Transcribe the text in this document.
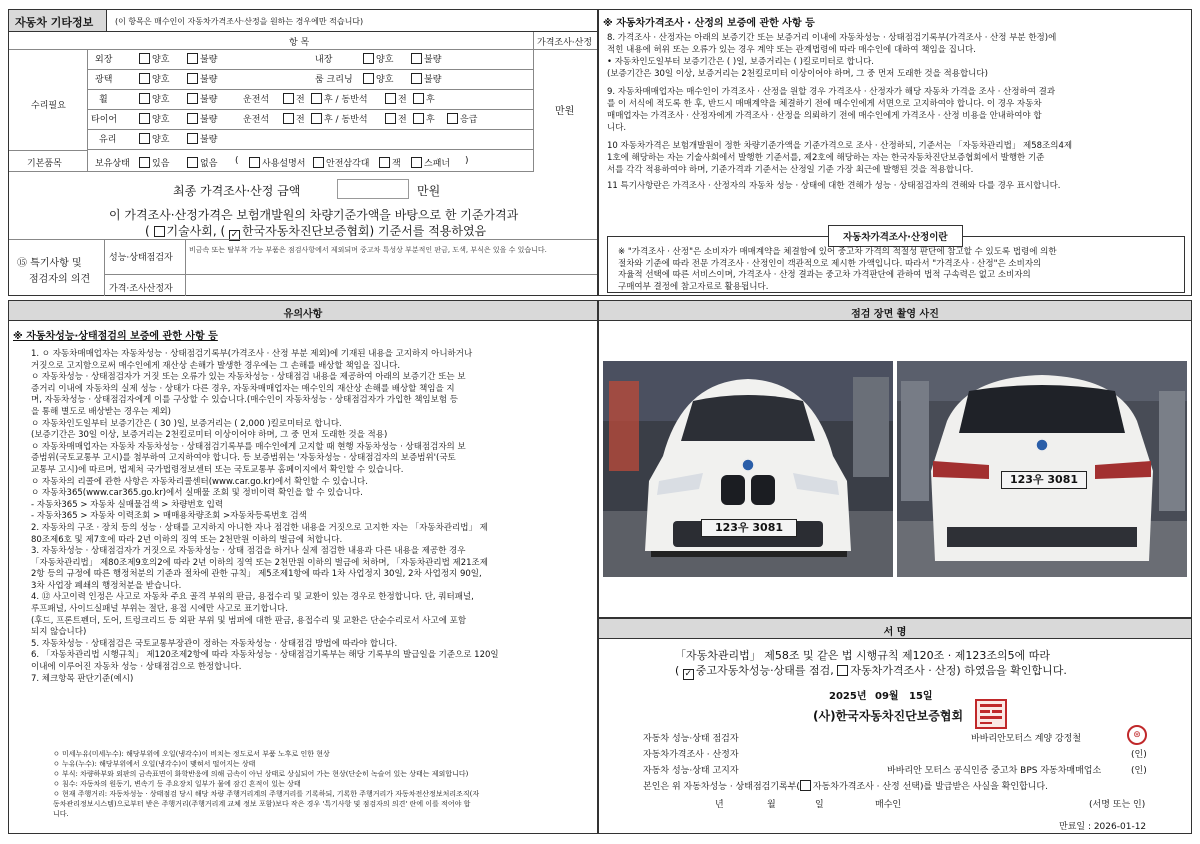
자동차 기타정보	(이 항목은 매수인이 자동차가격조사·산정을 원하는 경우에만 적습니다)
항 목	가격조사·산정
만원
수리필요
외장	양호	불량	내장	양호	불량
광택	양호	불량	룸 크리닝	양호	불량
휠	양호	불량	운전석	전	후 / 동반석	전	후
타이어	양호	불량	운전석	전	후 / 동반석	전	후	응급
유리	양호	불량
기본품목	보유상태	있음	없음 (	사용설명서	안전삼각대	잭	스패너 )
최종 가격조사·산정 금액	만원
이 가격조사·산정가격은 보험개발원의 차량기준가액을 바탕으로 한 기준가격과
( 기술사회, ( ✓ 한국자동차진단보증협회) 기준서를 적용하였음
⑮ 특기사항 및
점검자의 의견
성능·상태점검자
비금속 또는 탈부착 가능 부품은 점검사항에서 제외되며 중고차 특성상 부분적인 판금, 도색, 부식은 있을 수 있습니다.
가격·조사산정자
※ 자동차가격조사 · 산정의 보증에 관한 사항 등
8. 가격조사 · 산정자는 아래의 보증기간 또는 보증거리 이내에 자동차성능 · 상태점검기록부(가격조사 · 산정 부분 한정)에
적힌 내용에 허위 또는 오류가 있는 경우 계약 또는 관계법령에 따라 매수인에 대하여 책임을 집니다.
• 자동차인도일부터 보증기간은 ( )일, 보증거리는 ( )킬로미터로 합니다.
(보증기간은 30일 이상, 보증거리는 2천킬로미터 이상이어야 하며, 그 중 먼저 도래한 것을 적용합니다)
9. 자동차매매업자는 매수인이 가격조사 · 산정을 원할 경우 가격조사 · 산정자가 해당 자동차 가격을 조사 · 산정하여 결과
를 이 서식에 적도록 한 후, 반드시 매매계약을 체결하기 전에 매수인에게 서면으로 고지하여야 합니다. 이 경우 자동차
매매업자는 가격조사 · 산정자에게 가격조사 · 산정을 의뢰하기 전에 매수인에게 가격조사 · 산정 비용을 안내하여야 합
니다.
10 자동차가격은 보험개발원이 정한 차량기준가액을 기준가격으로 조사 · 산정하되, 기준서는 「자동차관리법」 제58조의4제
1호에 해당하는 자는 기술사회에서 발행한 기준서를, 제2호에 해당하는 자는 한국자동차진단보증협회에서 발행한 기준
서를 각각 적용하여야 하며, 기준가격과 기준서는 산정일 기준 가장 최근에 발행된 것을 적용합니다.
11 특기사항란은 가격조사 · 산정자의 자동차 성능 · 상태에 대한 견해가 성능 · 상태점검자의 견해와 다를 경우 표시합니다.
자동차가격조사·산정이란
※ "가격조사 · 산정"은 소비자가 매매계약을 체결함에 있어 중고차 가격의 적절성 판단에 참고할 수 있도록 법령에 의한
절차와 기준에 따라 전문 가격조사 · 산정인이 객관적으로 제시한 가액입니다. 따라서 "가격조사 · 산정"은 소비자의
자율적 선택에 따른 서비스이며, 가격조사 · 산정 결과는 중고차 가격판단에 관하여 법적 구속력은 없고 소비자의
구매여부 결정에 참고자료로 활용됩니다.
유의사항
※ 자동차성능·상태점검의 보증에 관한 사항 등
1. ㅇ 자동차매매업자는 자동차성능 · 상태점검기록부(가격조사 · 산정 부분 제외)에 기재된 내용을 고지하지 아니하거나
거짓으로 고지함으로써 매수인에게 재산상 손해가 발생한 경우에는 그 손해를 배상할 책임을 집니다.
ㅇ 자동차성능 · 상태점검자가 거짓 또는 오류가 있는 자동차성능 · 상태점검 내용을 제공하여 아래의 보증기간 또는 보
증거리 이내에 자동차의 실제 성능 · 상태가 다른 경우, 자동차매매업자는 매수인의 재산상 손해를 배상할 책임을 지
며, 자동차성능 · 상태점검자에게 이를 구상할 수 있습니다.(매수인이 자동차성능 · 상태점검자가 가입한 책임보험 등
을 통해 별도로 배상받는 경우는 제외)
ㅇ 자동차인도일부터 보증기간은 ( 30 )일, 보증거리는 ( 2,000 )킬로미터로 합니다.
(보증기간은 30일 이상, 보증거리는 2천킬로미터 이상이어야 하며, 그 중 먼저 도래한 것을 적용)
ㅇ 자동차매매업자는 자동차 자동차성능 · 상태점검기록부를 매수인에게 고지할 때 현행 자동차성능 · 상태점검자의 보
증범위(국토교통부 고시)를 첨부하여 고지하여야 합니다. 등 보증범위는 '자동차성능 · 상태점검자의 보증범위'(국토
교통부 고시)에 따르며, 법제처 국가법령정보센터 또는 국토교통부 홈페이지에서 확인할 수 있습니다.
ㅇ 자동차의 리콜에 관한 사항은 자동차리콜센터(www.car.go.kr)에서 확인할 수 있습니다.
ㅇ 자동차365(www.car365.go.kr)에서 실매물 조회 및 정비이력 확인을 할 수 있습니다.
- 자동차365 > 자동차 실매물검색 > 차량번호 입력
- 자동차365 > 자동차 이력조회 > 매매용차량조회 >자동차등록번호 검색
2. 자동차의 구조 · 장치 등의 성능 · 상태를 고지하지 아니한 자나 점검한 내용을 거짓으로 고지한 자는 「자동차관리법」 제
80조제6호 및 제7호에 따라 2년 이하의 징역 또는 2천만원 이하의 벌금에 처합니다.
3. 자동차성능 · 상태점검자가 거짓으로 자동차성능 · 상태 점검을 하거나 실제 점검한 내용과 다른 내용을 제공한 경우
「자동차관리법」 제80조제9호의2에 따라 2년 이하의 징역 또는 2천만원 이하의 벌금에 처하며, 「자동차관리법 제21조제
2항 등의 규정에 따른 행정처분의 기준과 절차에 관한 규칙」 제5조제1항에 따라 1차 사업정지 30일, 2차 사업정지 90일,
3차 사업장 폐쇄의 행정처분을 받습니다.
4. ⑫ 사고이력 인정은 사고로 자동차 주요 골격 부위의 판금, 용접수리 및 교환이 있는 경우로 한정합니다. 단, 쿼터패널,
루프패널, 사이드실패널 부위는 절단, 용접 시에만 사고로 표기합니다.
(후드, 프론트펜더, 도어, 트렁크리드 등 외판 부위 및 범퍼에 대한 판금, 용접수리 및 교환은 단순수리로서 사고에 포함
되지 않습니다)
5. 자동차성능 · 상태점검은 국토교통부장관이 정하는 자동차성능 · 상태점검 방법에 따라야 합니다.
6. 「자동차관리법 시행규칙」 제120조제2항에 따라 자동차성능 · 상태점검기록부는 해당 기록부의 발급일을 기준으로 120일
이내에 이루어진 자동차 성능 · 상태점검으로 한정합니다.
7. 체크항목 판단기준(예시)
ㅇ 미세누유(미세누수): 해당부위에 오일(냉각수)이 비치는 정도로서 부품 노후로 인한 현상
ㅇ 누유(누수): 해당부위에서 오일(냉각수)이 맺혀서 떨어지는 상태
ㅇ 부식: 차량하부와 외판의 금속표면이 화학반응에 의해 금속이 아닌 상태로 상실되어 가는 현상(단순히 녹슬어 있는 상태는 제외합니다)
ㅇ 침수: 자동차의 원동기, 변속기 등 주요장치 일부가 물에 잠긴 흔적이 있는 상태
ㅇ 현재 주행거리: 자동차성능 · 상태점검 당시 해당 차량 주행거리계의 주행거리를 기록하되, 기록한 주행거리가 자동차전산정보처리조직(자
동차관리정보시스템)으로부터 받은 주행거리(주행거리계 교체 정보 포함)보다 작은 경우 '특기사항 및 점검자의 의견' 란에 이를 적어야 합
니다.
점검 장면 촬영 사진
123우 3081
123우 3081
서 명
「자동차관리법」 제58조 및 같은 법 시행규칙 제120조 · 제123조의5에 따라
( ✓ 중고자동차성능·상태를 점검, 자동차가격조사 · 산정) 하였음을 확인합니다.
2025년 09월 15일
(사)한국자동차진단보증협회
자동차 성능·상태 점검자	바바리안모터스 계양 강정철	⊛
자동차가격조사 · 산정자	(인)
자동차 성능·상태 고지자	바바리안 모터스 공식인증 중고차 BPS 자동차매매업소	(인)
본인은 위 자동차성능 · 상태점검기록부( 자동차가격조사 · 산정 선택)를 발급받은 사실을 확인합니다.
년	월	일	매수인	(서명 또는 인)
만료일 : 2026-01-12
